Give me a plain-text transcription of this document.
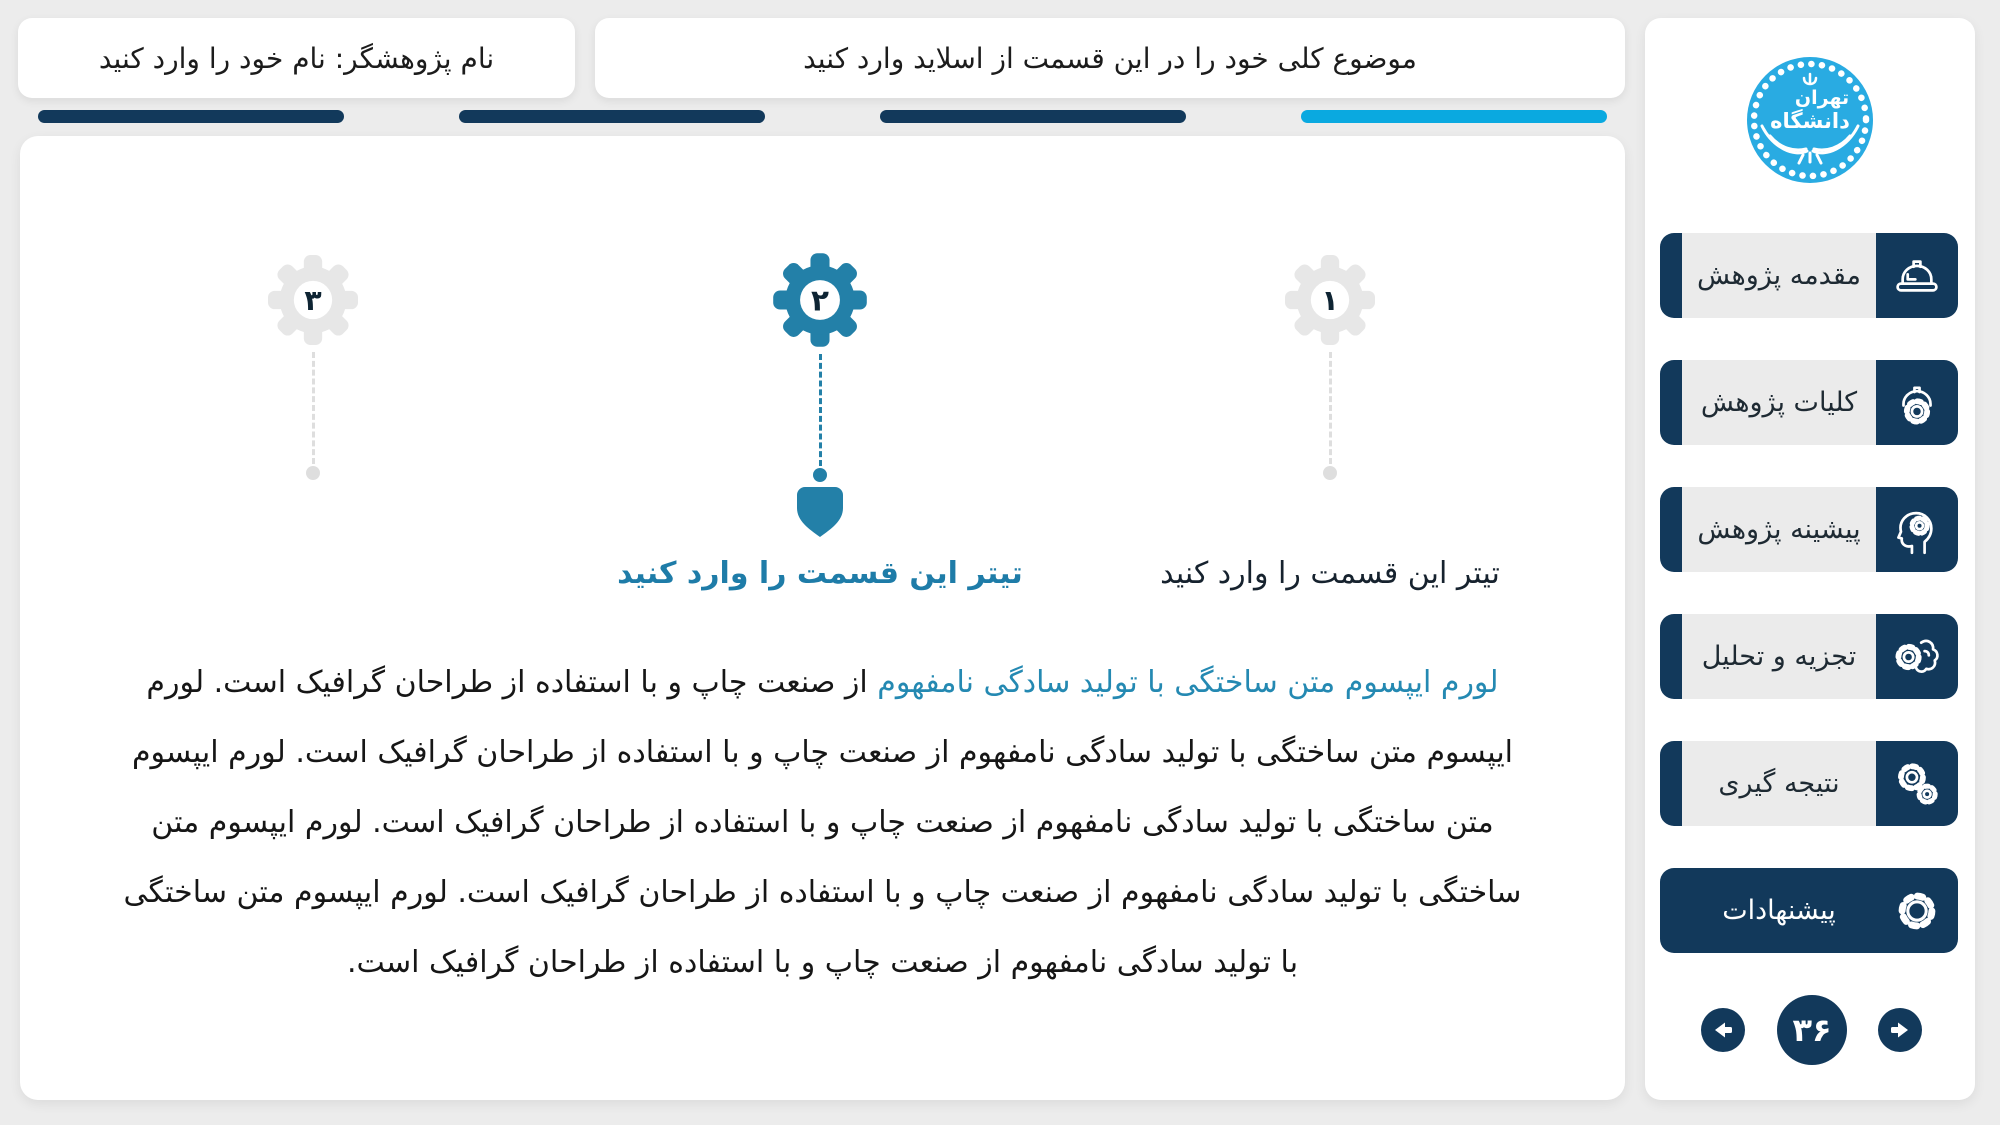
نام پژوهشگر: نام خود را وارد کنید	موضوع کلی خود را در این قسمت از اسلاید وارد کنید
۳	۲	۱
تیتر این قسمت را وارد کنید	تیتر این قسمت را وارد کنید

لورم ایپسوم متن ساختگی با تولید سادگی نامفهوم از صنعت چاپ و با استفاده از طراحان گرافیک است. لورم ایپسوم متن ساختگی با تولید سادگی نامفهوم از صنعت چاپ و با استفاده از طراحان گرافیک است. لورم ایپسوم متن ساختگی با تولید سادگی نامفهوم از صنعت چاپ و با استفاده از طراحان گرافیک است. لورم ایپسوم متن ساختگی با تولید سادگی نامفهوم از صنعت چاپ و با استفاده از طراحان گرافیک است. لورم ایپسوم متن ساختگی با تولید سادگی نامفهوم از صنعت چاپ و با استفاده از طراحان گرافیک است.

تهران
دانشگاه
مقدمه پژوهش
کلیات پژوهش
پیشینه پژوهش
تجزیه و تحلیل
نتیجه گیری
پیشنهادات
۳۶
